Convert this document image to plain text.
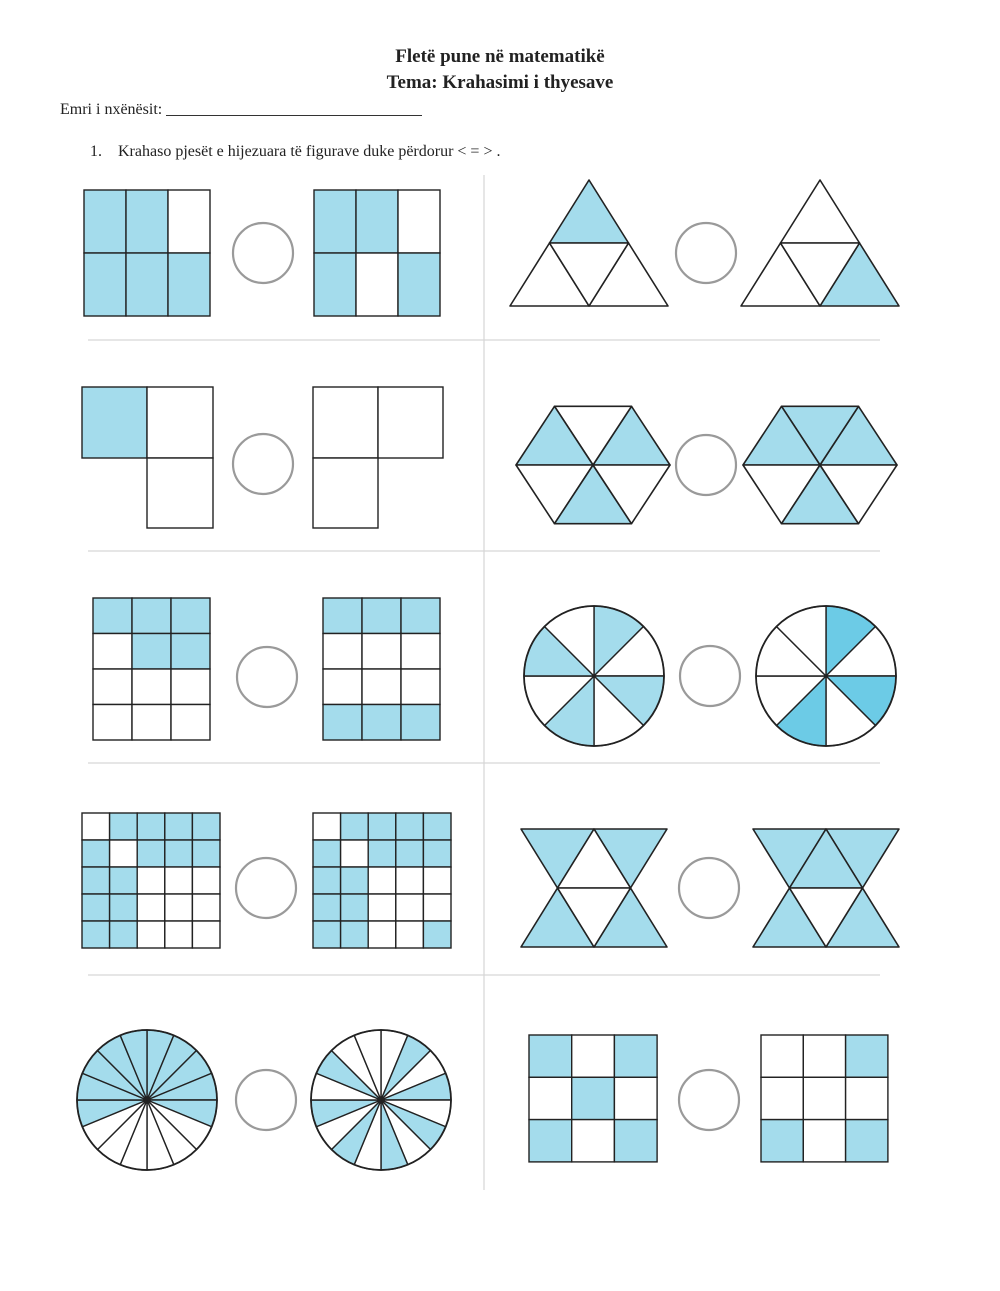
Fletë pune në matematikë
Tema: Krahasimi i thyesave
Emri i nxënësit:
1. Krahaso pjesët e hijezuara të figurave duke përdorur < = > .
